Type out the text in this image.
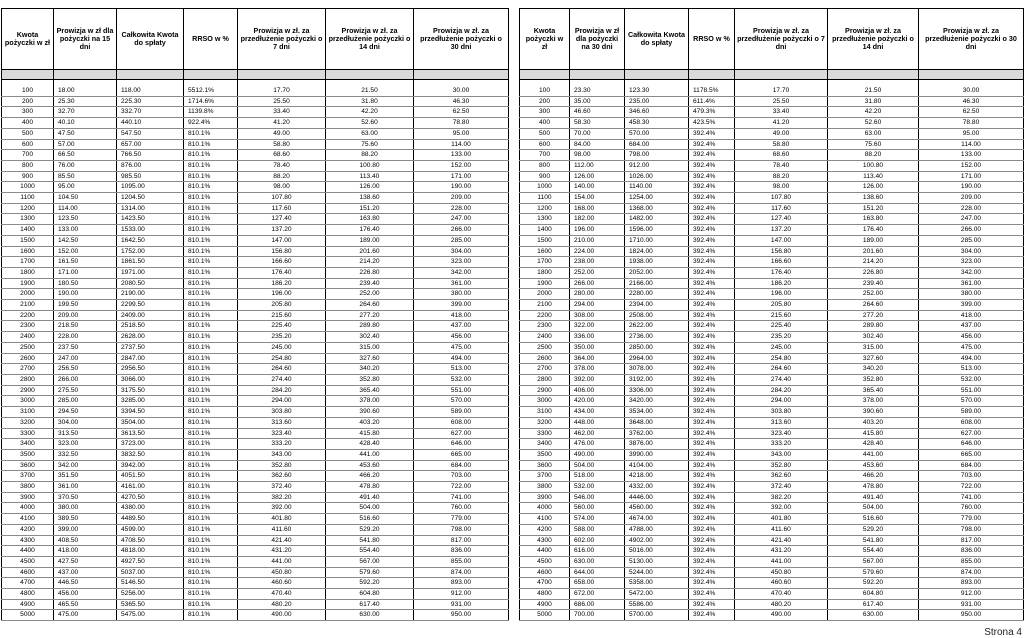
Kwota pożyczki w zł	Prowizja w zł dla pożyczki na 15 dni	Całkowita Kwota do spłaty	RRSO w %	Prowizja w zł. za przedłużenie pożyczki o 7 dni	Prowizja w zł. za przedłużenie pożyczki o 14 dni	Prowizja w zł. za przedłużenie pożyczki o 30 dni

100	18.00	118.00	5512.1%	17.70	21.50	30.00
200	25.30	225.30	1714.6%	25.50	31.80	46.30
300	32.70	332.70	1139.8%	33.40	42.20	62.50
400	40.10	440.10	922.4%	41.20	52.60	78.80
500	47.50	547.50	810.1%	49.00	63.00	95.00
600	57.00	657.00	810.1%	58.80	75.60	114.00
700	66.50	766.50	810.1%	68.60	88.20	133.00
800	76.00	876.00	810.1%	78.40	100.80	152.00
900	85.50	985.50	810.1%	88.20	113.40	171.00
1000	95.00	1095.00	810.1%	98.00	126.00	190.00
1100	104.50	1204.50	810.1%	107.80	138.60	209.00
1200	114.00	1314.00	810.1%	117.60	151.20	228.00
1300	123.50	1423.50	810.1%	127.40	163.80	247.00
1400	133.00	1533.00	810.1%	137.20	176.40	266.00
1500	142.50	1642.50	810.1%	147.00	189.00	285.00
1600	152.00	1752.00	810.1%	156.80	201.60	304.00
1700	161.50	1861.50	810.1%	166.60	214.20	323.00
1800	171.00	1971.00	810.1%	176.40	226.80	342.00
1900	180.50	2080.50	810.1%	186.20	239.40	361.00
2000	190.00	2190.00	810.1%	196.00	252.00	380.00
2100	199.50	2299.50	810.1%	205.80	264.60	399.00
2200	209.00	2409.00	810.1%	215.60	277.20	418.00
2300	218.50	2518.50	810.1%	225.40	289.80	437.00
2400	228.00	2628.00	810.1%	235.20	302.40	456.00
2500	237.50	2737.50	810.1%	245.00	315.00	475.00
2600	247.00	2847.00	810.1%	254.80	327.60	494.00
2700	256.50	2956.50	810.1%	264.60	340.20	513.00
2800	266.00	3066.00	810.1%	274.40	352.80	532.00
2900	275.50	3175.50	810.1%	284.20	365.40	551.00
3000	285.00	3285.00	810.1%	294.00	378.00	570.00
3100	294.50	3394.50	810.1%	303.80	390.60	589.00
3200	304.00	3504.00	810.1%	313.60	403.20	608.00
3300	313.50	3613.50	810.1%	323.40	415.80	627.00
3400	323.00	3723.00	810.1%	333.20	428.40	646.00
3500	332.50	3832.50	810.1%	343.00	441.00	665.00
3600	342.00	3942.00	810.1%	352.80	453.60	684.00
3700	351.50	4051.50	810.1%	362.60	466.20	703.00
3800	361.00	4161.00	810.1%	372.40	478.80	722.00
3900	370.50	4270.50	810.1%	382.20	491.40	741.00
4000	380.00	4380.00	810.1%	392.00	504.00	760.00
4100	389.50	4489.50	810.1%	401.80	516.60	779.00
4200	399.00	4599.00	810.1%	411.60	529.20	798.00
4300	408.50	4708.50	810.1%	421.40	541.80	817.00
4400	418.00	4818.00	810.1%	431.20	554.40	836.00
4500	427.50	4927.50	810.1%	441.00	567.00	855.00
4600	437.00	5037.00	810.1%	450.80	579.60	874.00
4700	446.50	5146.50	810.1%	460.60	592.20	893.00
4800	456.00	5256.00	810.1%	470.40	604.80	912.00
4900	465.50	5365.50	810.1%	480.20	617.40	931.00
5000	475.00	5475.00	810.1%	490.00	630.00	950.00
Kwota pożyczki w zł	Prowizja w zł dla pożyczki na 30 dni	Całkowita Kwota do spłaty	RRSO w %	Prowizja w zł. za przedłużenie pożyczki o 7 dni	Prowizja w zł. za przedłużenie pożyczki o 14 dni	Prowizja w zł. za przedłużenie pożyczki o 30 dni

100	23.30	123.30	1178.5%	17.70	21.50	30.00
200	35.00	235.00	611.4%	25.50	31.80	46.30
300	46.60	346.60	479.3%	33.40	42.20	62.50
400	58.30	458.30	423.5%	41.20	52.60	78.80
500	70.00	570.00	392.4%	49.00	63.00	95.00
600	84.00	684.00	392.4%	58.80	75.60	114.00
700	98.00	798.00	392.4%	68.60	88.20	133.00
800	112.00	912.00	392.4%	78.40	100.80	152.00
900	126.00	1026.00	392.4%	88.20	113.40	171.00
1000	140.00	1140.00	392.4%	98.00	126.00	190.00
1100	154.00	1254.00	392.4%	107.80	138.60	209.00
1200	168.00	1368.00	392.4%	117.60	151.20	228.00
1300	182.00	1482.00	392.4%	127.40	163.80	247.00
1400	196.00	1596.00	392.4%	137.20	176.40	266.00
1500	210.00	1710.00	392.4%	147.00	189.00	285.00
1600	224.00	1824.00	392.4%	156.80	201.60	304.00
1700	238.00	1938.00	392.4%	166.60	214.20	323.00
1800	252.00	2052.00	392.4%	176.40	226.80	342.00
1900	266.00	2166.00	392.4%	186.20	239.40	361.00
2000	280.00	2280.00	392.4%	196.00	252.00	380.00
2100	294.00	2394.00	392.4%	205.80	264.60	399.00
2200	308.00	2508.00	392.4%	215.60	277.20	418.00
2300	322.00	2622.00	392.4%	225.40	289.80	437.00
2400	336.00	2736.00	392.4%	235.20	302.40	456.00
2500	350.00	2850.00	392.4%	245.00	315.00	475.00
2600	364.00	2964.00	392.4%	254.80	327.60	494.00
2700	378.00	3078.00	392.4%	264.60	340.20	513.00
2800	392.00	3192.00	392.4%	274.40	352.80	532.00
2900	406.00	3306.00	392.4%	284.20	365.40	551.00
3000	420.00	3420.00	392.4%	294.00	378.00	570.00
3100	434.00	3534.00	392.4%	303.80	390.60	589.00
3200	448.00	3648.00	392.4%	313.60	403.20	608.00
3300	462.00	3762.00	392.4%	323.40	415.80	627.00
3400	476.00	3876.00	392.4%	333.20	428.40	646.00
3500	490.00	3990.00	392.4%	343.00	441.00	665.00
3600	504.00	4104.00	392.4%	352.80	453.60	684.00
3700	518.00	4218.00	392.4%	362.60	466.20	703.00
3800	532.00	4332.00	392.4%	372.40	478.80	722.00
3900	546.00	4446.00	392.4%	382.20	491.40	741.00
4000	560.00	4560.00	392.4%	392.00	504.00	760.00
4100	574.00	4674.00	392.4%	401.80	516.60	779.00
4200	588.00	4788.00	392.4%	411.60	529.20	798.00
4300	602.00	4902.00	392.4%	421.40	541.80	817.00
4400	616.00	5016.00	392.4%	431.20	554.40	836.00
4500	630.00	5130.00	392.4%	441.00	567.00	855.00
4600	644.00	5244.00	392.4%	450.80	579.60	874.00
4700	658.00	5358.00	392.4%	460.60	592.20	893.00
4800	672.00	5472.00	392.4%	470.40	604.80	912.00
4900	686.00	5586.00	392.4%	480.20	617.40	931.00
5000	700.00	5700.00	392.4%	490.00	630.00	950.00
Strona 4
